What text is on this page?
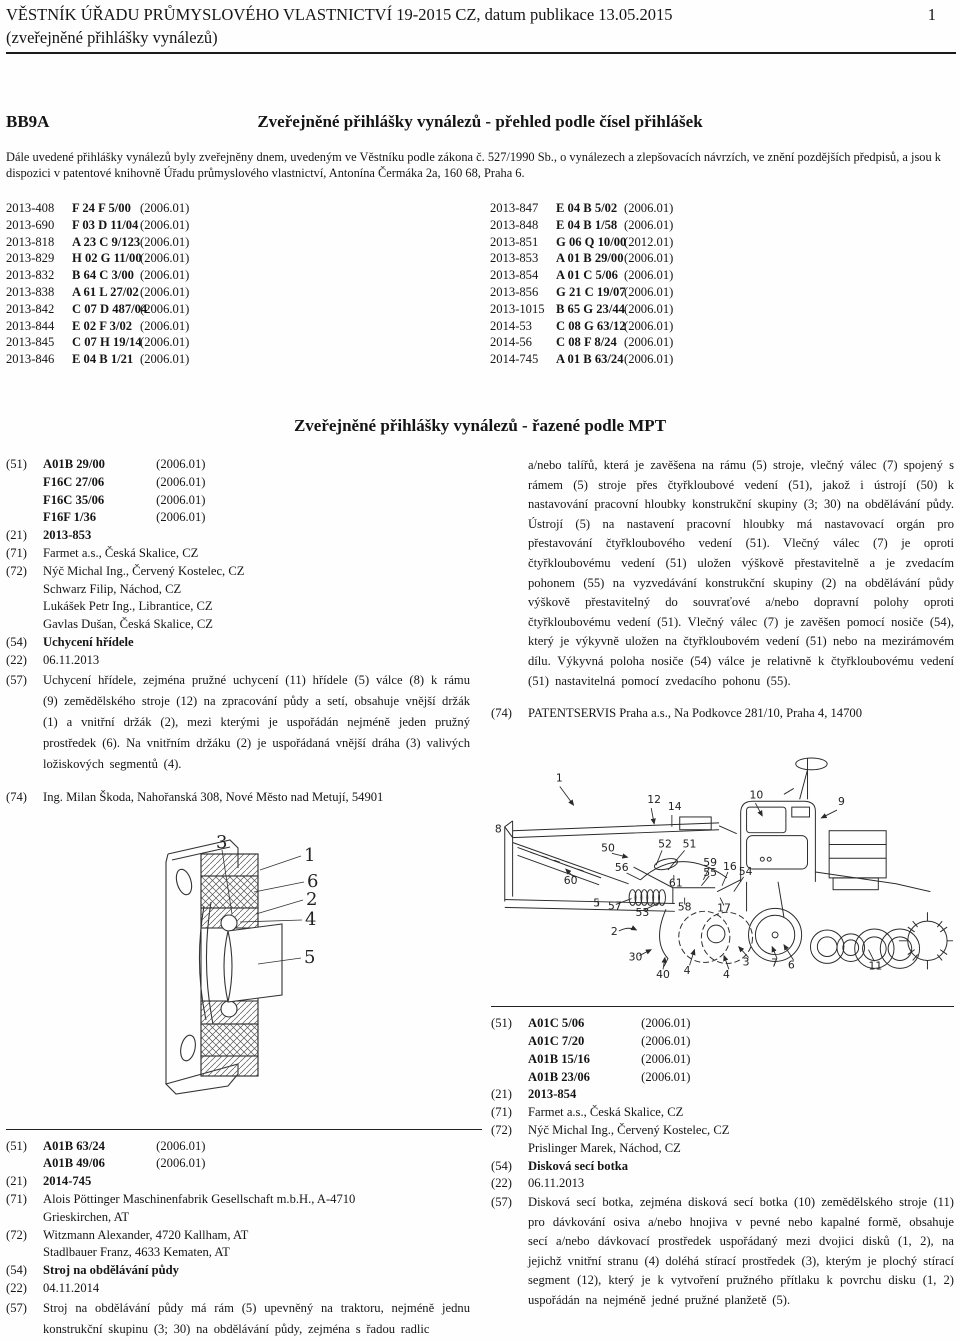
VĚSTNÍK ÚŘADU PRŮMYSLOVÉHO VLASTNICTVÍ 19-2015 CZ, datum publikace 13.05.2015	1
(zveřejněné přihlášky vynálezů)
BB9A	Zveřejněné přihlášky vynálezů - přehled podle čísel přihlášek
Dále uvedené přihlášky vynálezů byly zveřejněny dnem, uvedeným ve Věstníku podle zákona č. 527/1990 Sb., o vynálezech a zlepšovacích návrzích, ve znění pozdějších předpisů, a jsou k dispozici v patentové knihovně Úřadu průmyslového vlastnictví, Antonína Čermáka 2a, 160 68, Praha 6.
2013-408 F 24 F 5/00 (2006.01)
2013-690 F 03 D 11/04 (2006.01)
2013-818 A 23 C 9/123(2006.01)
2013-829 H 02 G 11/00(2006.01)
2013-832 B 64 C 3/00 (2006.01)
2013-838 A 61 L 27/02(2006.01)
2013-842 C 07 D 487/04(2006.01)
2013-844 E 02 F 3/02 (2006.01)
2013-845 C 07 H 19/14(2006.01)
2013-846 E 04 B 1/21 (2006.01)
2013-847 E 04 B 5/02 (2006.01)
2013-848 E 04 B 1/58 (2006.01)
2013-851 G 06 Q 10/00(2012.01)
2013-853 A 01 B 29/00(2006.01)
2013-854 A 01 C 5/06 (2006.01)
2013-856 G 21 C 19/07(2006.01)
2013-1015 B 65 G 23/44(2006.01)
2014-53 C 08 G 63/12(2006.01)
2014-56 C 08 F 8/24 (2006.01)
2014-745 A 01 B 63/24(2006.01)
Zveřejněné přihlášky vynálezů - řazené podle MPT
(51) A01B 29/00	(2006.01)
F16C 27/06	(2006.01)
F16C 35/06	(2006.01)
F16F 1/36	(2006.01)
(21) 2013-853
(71) Farmet a.s., Česká Skalice, CZ
(72) Nýč Michal Ing., Červený Kostelec, CZ
Schwarz Filip, Náchod, CZ
Lukášek Petr Ing., Librantice, CZ
Gavlas Dušan, Česká Skalice, CZ
(54) Uchycení hřídele
(22) 06.11.2013
(57) Uchycení hřídele, zejména pružné uchycení (11) hřídele (5) válce (8) k rámu (9) zemědělského stroje (12) na zpracování půdy a setí, obsahuje vnější držák (1) a vnitřní držák (2), mezi kterými je uspořádán nejméně jeden pružný prostředek (6). Na vnitřním držáku (2) je uspořádaná vnější dráha (3) valivých ložiskových segmentů (4).
(74) Ing. Milan Škoda, Nahořanská 308, Nové Město nad Metují, 54901
3
1
6
2
4
5
(51) A01B 63/24	(2006.01)
A01B 49/06	(2006.01)
(21) 2014-745
(71) Alois Pöttinger Maschinenfabrik Gesellschaft m.b.H., A-4710
Grieskirchen, AT
(72) Witzmann Alexander, 4720 Kallham, AT
Stadlbauer Franz, 4633 Kematen, AT
(54) Stroj na obdělávání půdy
(22) 04.11.2014
(57) Stroj na obdělávání půdy má rám (5) upevněný na traktoru, nejméně jednu konstrukční skupinu (3; 30) na obdělávání půdy, zejména s řadou radlic
a/nebo talířů, která je zavěšena na rámu (5) stroje, vlečný válec (7) spojený s rámem (5) stroje přes čtyřkloubové vedení (51), jakož i ústrojí (50) k nastavování pracovní hloubky konstrukční skupiny (3; 30) na obdělávání půdy. Ústrojí (5) na nastavení pracovní hloubky má nastavovací orgán pro přestavování čtyřkloubového vedení (51). Vlečný válec (7) je oproti čtyřkloubovému vedení (51) uložen výškově přestavitelně a je zvedacím pohonem (55) na vyzvedávání konstrukční skupiny (2) na obdělávání půdy výškově přestavitelný do souvraťové a/nebo dopravní polohy oproti čtyřkloubovému vedení (51). Vlečný válec (7) je zavěšen pomocí nosiče (54), který je výkyvně uložen na čtyřkloubovém vedení (51) nebo na mezirámovém dílu. Výkyvná poloha nosiče (54) válce je relativně k čtyřkloubovému vedení (51) nastavitelná pomocí zvedacího pohonu (55).
(74) PATENTSERVIS Praha a.s., Na Podkovce 281/10, Praha 4, 14700
1
12
14
10
9
8
50	52 51
56
60	61
59
55 16 54
5 57
53	58 17
2
30
40 4	4
3 7 6	11
(51) A01C 5/06	(2006.01)
A01C 7/20	(2006.01)
A01B 15/16	(2006.01)
A01B 23/06	(2006.01)
(21) 2013-854
(71) Farmet a.s., Česká Skalice, CZ
(72) Nýč Michal Ing., Červený Kostelec, CZ
Prislinger Marek, Náchod, CZ
(54) Disková secí botka
(22) 06.11.2013
(57) Disková secí botka, zejména disková secí botka (10) zemědělského stroje (11) pro dávkování osiva a/nebo hnojiva v pevné nebo kapalné formě, obsahuje secí a/nebo dávkovací prostředek uspořádaný mezi dvojici disků (1, 2), na jejichž vnitřní stranu (4) doléhá stírací prostředek (3), kterým je plochý stírací segment (12), který je k vytvoření pružného přítlaku k povrchu disku (1, 2) uspořádán na nejméně jedné pružné planžetě (5).
